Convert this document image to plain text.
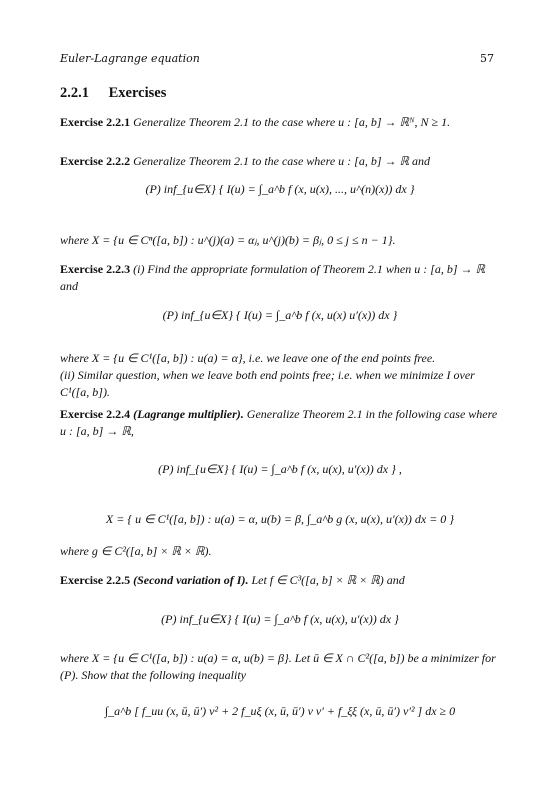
Euler-Lagrange equation	57
2.2.1 Exercises
Exercise 2.2.1 Generalize Theorem 2.1 to the case where u : [a, b] → ℝᴺ, N ≥ 1.
Exercise 2.2.2 Generalize Theorem 2.1 to the case where u : [a, b] → ℝ and
(P) inf_{u∈X} { I(u) = ∫_a^b f (x, u(x), ..., u^(n)(x)) dx }
where X = {u ∈ Cⁿ([a, b]) : u^(j)(a) = αⱼ, u^(j)(b) = βⱼ, 0 ≤ j ≤ n − 1}.
Exercise 2.2.3 (i) Find the appropriate formulation of Theorem 2.1 when u : [a, b] → ℝ and
(P) inf_{u∈X} { I(u) = ∫_a^b f (x, u(x) u′(x)) dx }
where X = {u ∈ C¹([a, b]) : u(a) = α}, i.e. we leave one of the end points free.
(ii) Similar question, when we leave both end points free; i.e. when we minimize I over C¹([a, b]).
Exercise 2.2.4 (Lagrange multiplier). Generalize Theorem 2.1 in the following case where u : [a, b] → ℝ,
(P) inf_{u∈X} { I(u) = ∫_a^b f (x, u(x), u′(x)) dx } ,
X = { u ∈ C¹([a, b]) : u(a) = α, u(b) = β, ∫_a^b g (x, u(x), u′(x)) dx = 0 }
where g ∈ C²([a, b] × ℝ × ℝ).
Exercise 2.2.5 (Second variation of I). Let f ∈ C³([a, b] × ℝ × ℝ) and
(P) inf_{u∈X} { I(u) = ∫_a^b f (x, u(x), u′(x)) dx }
where X = {u ∈ C¹([a, b]) : u(a) = α, u(b) = β}. Let ū ∈ X ∩ C²([a, b]) be a minimizer for (P). Show that the following inequality
∫_a^b [ f_uu (x, ū, ū′) v² + 2 f_uξ (x, ū, ū′) v v′ + f_ξξ (x, ū, ū′) v′² ] dx ≥ 0
